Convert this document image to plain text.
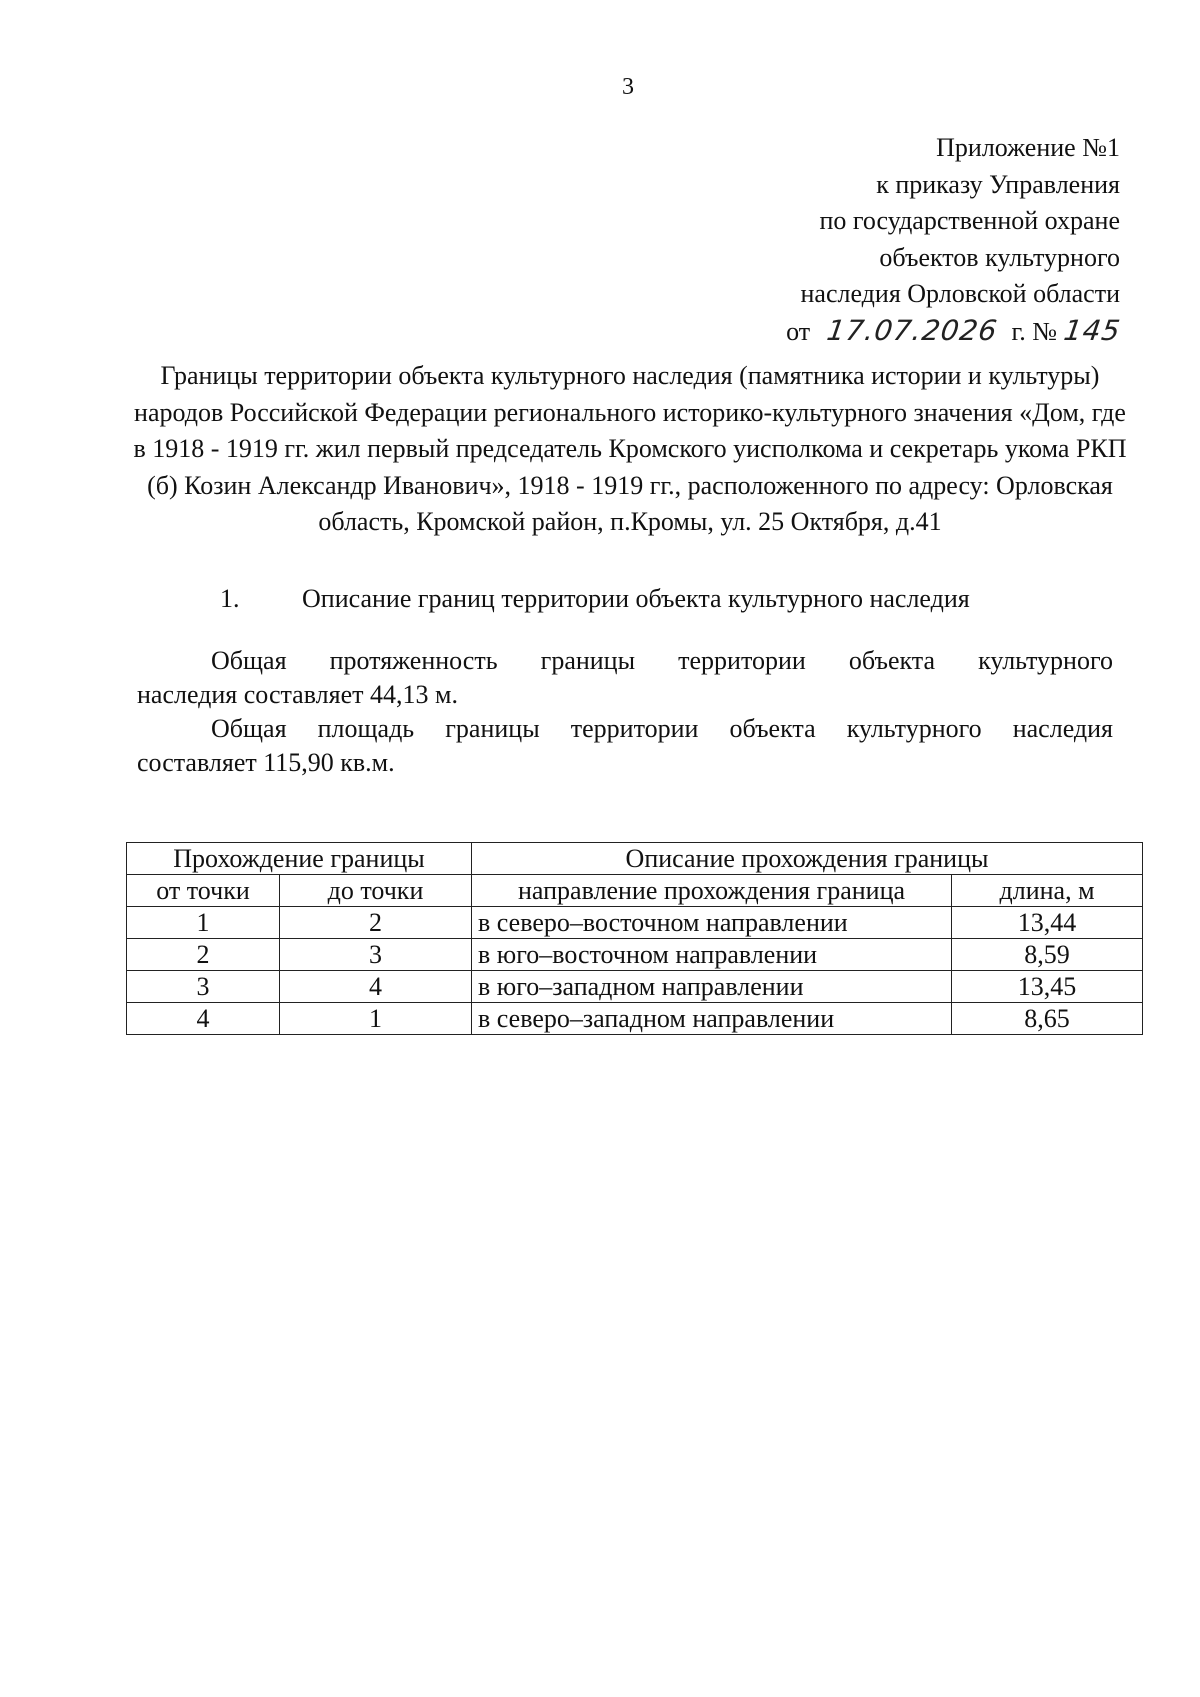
3
Приложение №1
к приказу Управления
по государственной охране
объектов культурного
наследия Орловской области
от 17.07.2026 г. № 145
Границы территории объекта культурного наследия (памятника истории и культуры) народов Российской Федерации регионального историко-культурного значения «Дом, где в 1918 - 1919 гг. жил первый председатель Кромского уисполкома и секретарь укома РКП (б) Козин Александр Иванович», 1918 - 1919 гг., расположенного по адресу: Орловская область, Кромской район, п.Кромы, ул. 25 Октября, д.41
1. Описание границ территории объекта культурного наследия
Общая протяженность границы территории объекта культурного
наследия составляет 44,13 м.
Общая площадь границы территории объекта культурного наследия
составляет 115,90 кв.м.
Прохождение границы		Описание прохождения границы	
от точки	до точки	направление прохождения граница	длина, м
1	2	в северо–восточном направлении	13,44
2	3	в юго–восточном направлении	8,59
3	4	в юго–западном направлении	13,45
4	1	в северо–западном направлении	8,65
